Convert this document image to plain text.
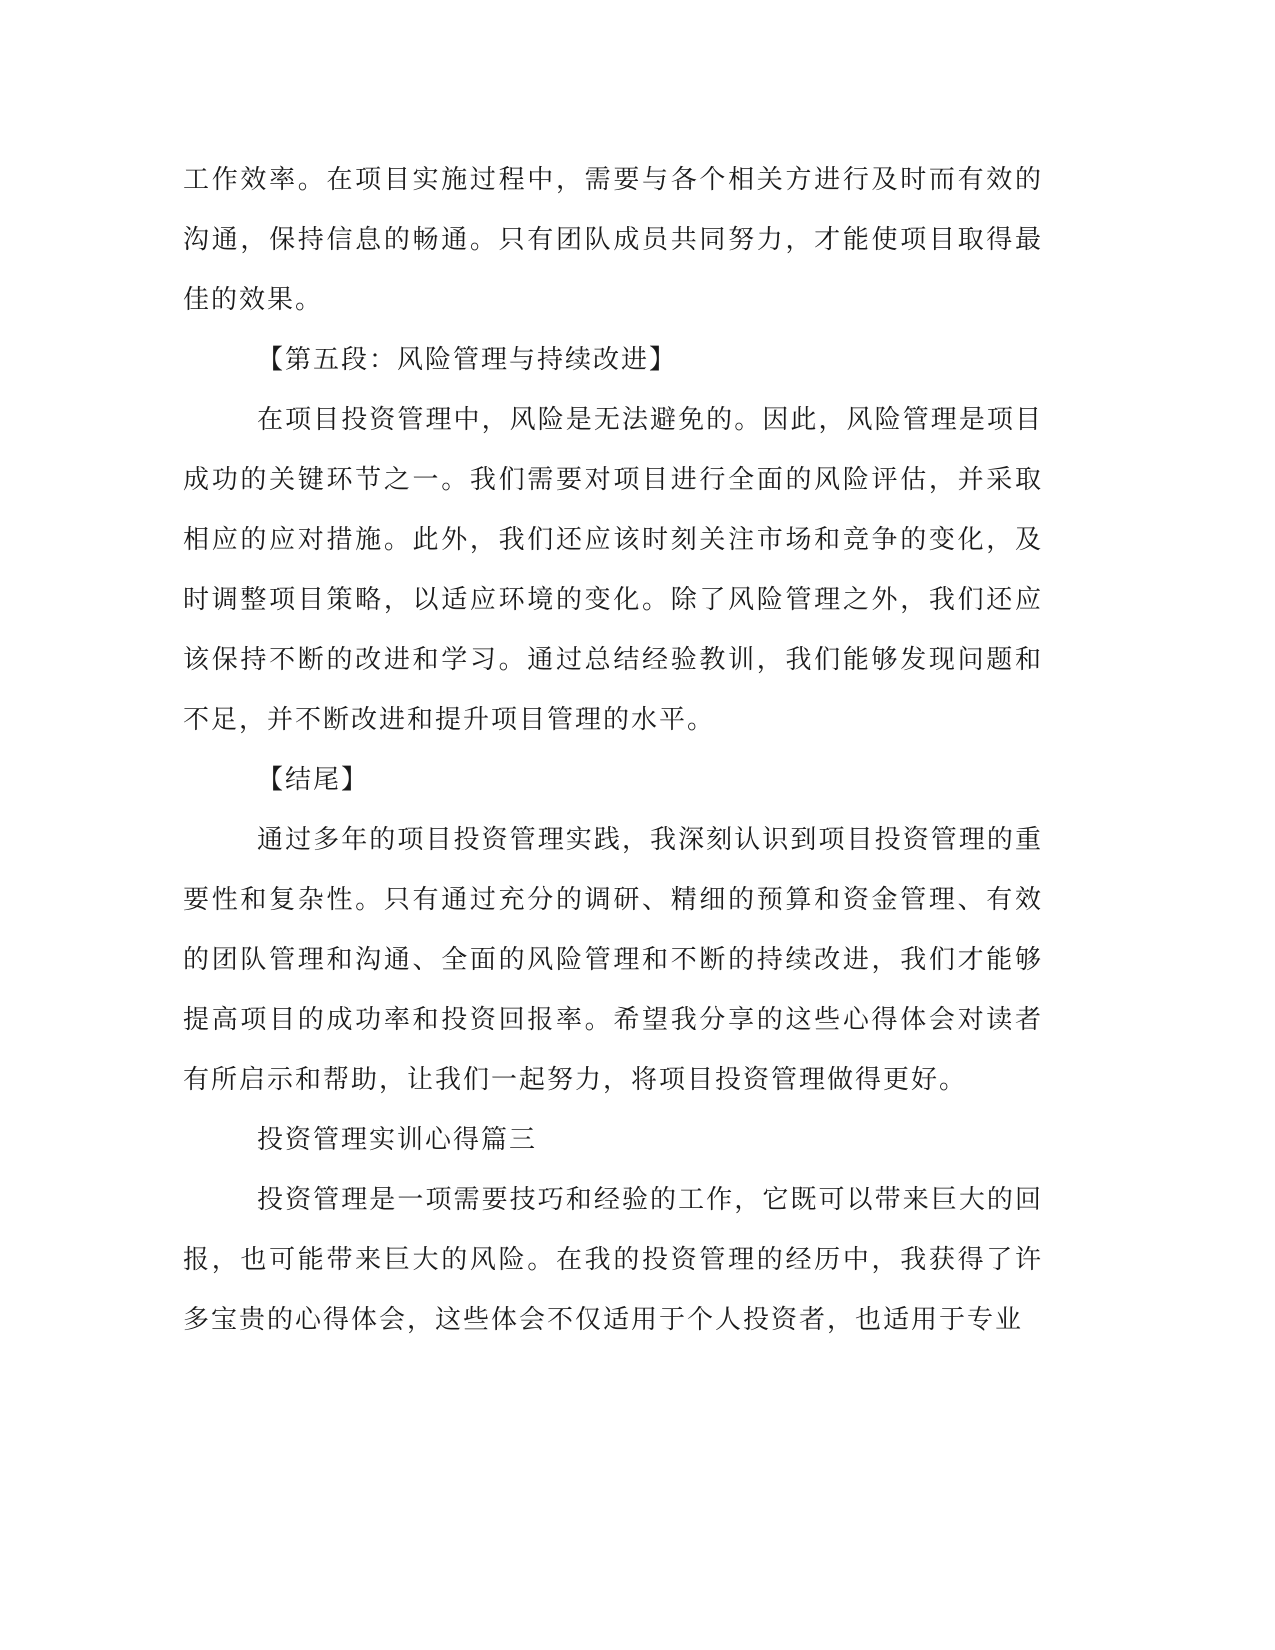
工作效率。在项目实施过程中，需要与各个相关方进行及时而有效的沟通，保持信息的畅通。只有团队成员共同努力，才能使项目取得最佳的效果。

【第五段：风险管理与持续改进】

在项目投资管理中，风险是无法避免的。因此，风险管理是项目成功的关键环节之一。我们需要对项目进行全面的风险评估，并采取相应的应对措施。此外，我们还应该时刻关注市场和竞争的变化，及时调整项目策略，以适应环境的变化。除了风险管理之外，我们还应该保持不断的改进和学习。通过总结经验教训，我们能够发现问题和不足，并不断改进和提升项目管理的水平。

【结尾】

通过多年的项目投资管理实践，我深刻认识到项目投资管理的重要性和复杂性。只有通过充分的调研、精细的预算和资金管理、有效的团队管理和沟通、全面的风险管理和不断的持续改进，我们才能够提高项目的成功率和投资回报率。希望我分享的这些心得体会对读者有所启示和帮助，让我们一起努力，将项目投资管理做得更好。

投资管理实训心得篇三

投资管理是一项需要技巧和经验的工作，它既可以带来巨大的回报，也可能带来巨大的风险。在我的投资管理的经历中，我获得了许多宝贵的心得体会，这些体会不仅适用于个人投资者，也适用于专业
